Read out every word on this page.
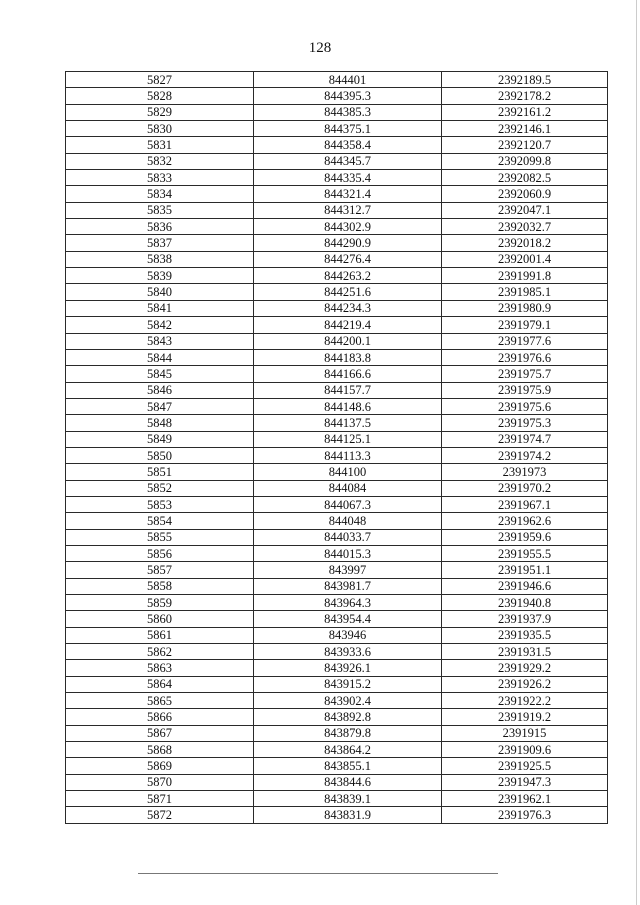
128
5827	844401	2392189.5
5828	844395.3	2392178.2
5829	844385.3	2392161.2
5830	844375.1	2392146.1
5831	844358.4	2392120.7
5832	844345.7	2392099.8
5833	844335.4	2392082.5
5834	844321.4	2392060.9
5835	844312.7	2392047.1
5836	844302.9	2392032.7
5837	844290.9	2392018.2
5838	844276.4	2392001.4
5839	844263.2	2391991.8
5840	844251.6	2391985.1
5841	844234.3	2391980.9
5842	844219.4	2391979.1
5843	844200.1	2391977.6
5844	844183.8	2391976.6
5845	844166.6	2391975.7
5846	844157.7	2391975.9
5847	844148.6	2391975.6
5848	844137.5	2391975.3
5849	844125.1	2391974.7
5850	844113.3	2391974.2
5851	844100	2391973
5852	844084	2391970.2
5853	844067.3	2391967.1
5854	844048	2391962.6
5855	844033.7	2391959.6
5856	844015.3	2391955.5
5857	843997	2391951.1
5858	843981.7	2391946.6
5859	843964.3	2391940.8
5860	843954.4	2391937.9
5861	843946	2391935.5
5862	843933.6	2391931.5
5863	843926.1	2391929.2
5864	843915.2	2391926.2
5865	843902.4	2391922.2
5866	843892.8	2391919.2
5867	843879.8	2391915
5868	843864.2	2391909.6
5869	843855.1	2391925.5
5870	843844.6	2391947.3
5871	843839.1	2391962.1
5872	843831.9	2391976.3
